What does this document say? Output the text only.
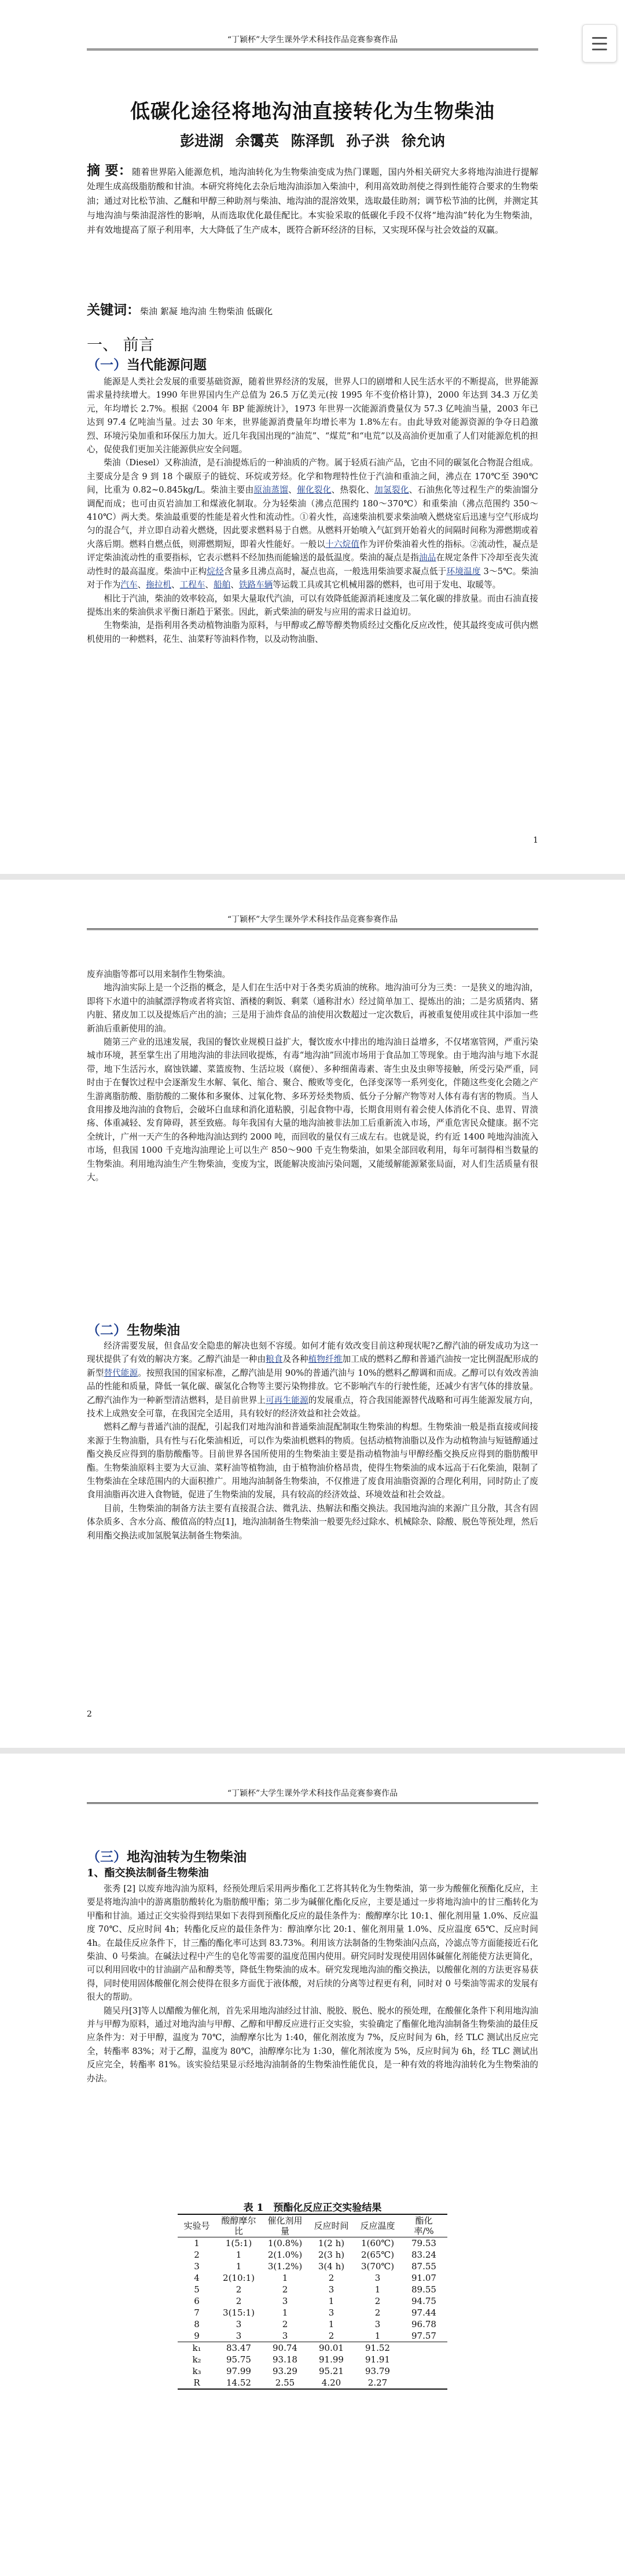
“丁颖杯”大学生课外学术科技作品竞赛参赛作品
低碳化途径将地沟油直接转化为生物柴油

彭进湖 余霭英 陈泽凯 孙子洪 徐允讷

摘 要：随着世界陷入能源危机，地沟油转化为生物柴油变成为热门课题，国内外相关研究大多将地沟油进行提解处理生成高级脂肪酸和甘油。本研究将纯化去杂后地沟油添加入柴油中，利用高效助剂使之得到性能符合要求的生物柴油；通过对比松节油、乙醚和甲醇三种助剂与柴油、地沟油的混溶效果，选取最佳助剂；调节松节油的比例，并测定其与地沟油与柴油混溶性的影响，从而选取优化最佳配比。本实验采取的低碳化手段不仅将“地沟油”转化为生物柴油，并有效地提高了原子利用率，大大降低了生产成本，既符合新环经济的目标，又实现环保与社会效益的双赢。
关键词：柴油 絮凝 地沟油 生物柴油 低碳化
一、 前言
（一）当代能源问题

能源是人类社会发展的重要基础资源，随着世界经济的发展，世界人口的剧增和人民生活水平的不断提高，世界能源需求量持续增大。1990 年世界国内生产总值为 26.5 万亿美元(按 1995 年不变价格计算)，2000 年达到 34.3 万亿美元，年均增长 2.7%。根据《2004 年 BP 能源统计》，1973 年世界一次能源消费量仅为 57.3 亿吨油当量，2003 年已达到 97.4 亿吨油当量。过去 30 年来，世界能源消费量年均增长率为 1.8%左右。由此导致对能源资源的争夺日趋激烈、环境污染加重和环保压力加大。近几年我国出现的“油荒”、“煤荒”和“电荒”以及高油价更加重了人们对能源危机的担心，促使我们更加关注能源供应安全问题。

柴油（Diesel）又称油渣，是石油提炼后的一种油质的产物。属于轻质石油产品，它由不同的碳氢化合物混合组成。主要成分是含 9 到 18 个碳原子的链烷、环烷或芳烃。化学和物理特性位于汽油和重油之间，沸点在 170℃至 390℃间，比重为 0.82~0.845kg/L。柴油主要由原油蒸馏、催化裂化、热裂化、加氢裂化、石油焦化等过程生产的柴油馏分调配而成；也可由页岩油加工和煤液化制取。分为轻柴油（沸点范围约 180～370℃）和重柴油（沸点范围约 350～410℃）两大类。柴油最重要的性能是着火性和流动性。①着火性，高速柴油机要求柴油喷入燃烧室后迅速与空气形成均匀的混合气，并立即自动着火燃烧，因此要求燃料易于自燃。从燃料开始喷入气缸到开始着火的间隔时间称为滞燃期或着火落后期。燃料自燃点低，则滞燃期短，即着火性能好。一般以十六烷值作为评价柴油着火性的指标。②流动性，凝点是评定柴油流动性的重要指标，它表示燃料不经加热而能输送的最低温度。柴油的凝点是指油品在规定条件下冷却至丧失流动性时的最高温度。柴油中正构烷烃含量多且沸点高时，凝点也高，一般选用柴油要求凝点低于环境温度 3～5℃。柴油对于作为汽车、拖拉机、工程车、船舶、铁路车辆等运载工具或其它机械用器的燃料，也可用于发电、取暖等。

相比于汽油，柴油的效率较高，如果大量取代汽油，可以有效降低能源消耗速度及二氧化碳的排放量。而由石油直接提炼出来的柴油供求平衡日渐趋于紧张。因此，新式柴油的研发与应用的需求日益迫切。

生物柴油，是指利用各类动植物油脂为原料，与甲醇或乙醇等醇类物质经过交酯化反应改性，使其最终变成可供内燃机使用的一种燃料，花生、油菜籽等油料作物，以及动物油脂、

1
“丁颖杯”大学生课外学术科技作品竞赛参赛作品

废弃油脂等都可以用来制作生物柴油。

地沟油实际上是一个泛指的概念，是人们在生活中对于各类劣质油的统称。地沟油可分为三类：一是狭义的地沟油，即将下水道中的油腻漂浮物或者将宾馆、酒楼的剩饭、剩菜（通称泔水）经过简单加工、提炼出的油；二是劣质猪肉、猪内脏、猪皮加工以及提炼后产出的油；三是用于油炸食品的油使用次数超过一定次数后，再被重复使用或往其中添加一些新油后重新使用的油。

随第三产业的迅速发展，我国的餐饮业规模日益扩大，餐饮废水中排出的地沟油日益增多，不仅堵塞管网，严重污染城市环境，甚至掌生出了用地沟油的非法回收提炼，有毒“地沟油”回流市场用于食品加工等现象。由于地沟油与地下水混带，地下生活污水，腐蚀铁罐、菜篮废物、生活垃圾（腐便）、多种细菌毒素、寄生虫及虫卵等接触，所受污染严重，同时由于在餐饮过程中会逐渐发生水解、氧化、缩合、聚合、酸败等变化，色泽变深等一系列变化，伴随这些变化会随之产生游离脂肪酸、脂肪酸的二聚体和多聚体、过氧化物、多环芳烃类物质、低分子分解产物等对人体有毒有害的物质。当人食用掺及地沟油的食物后，会破坏白血球和消化道粘膜，引起食物中毒，长期食用则有着会使人体消化不良、患胃、胃溃疡、体重减轻、发育障碍，甚至致癌。每年我国有大量的地沟油被非法加工后重新流入市场，严重危害民众健康。据不完全统计，广州一天产生的各种地沟油达到约 2000 吨，而回收的量仅有三成左右。也就是说，约有近 1400 吨地沟油流入市场，但我国 1000 千克地沟油理论上可以生产 850～900 千克生物柴油，如果全部回收利用，每年可制得相当数量的生物柴油。利用地沟油生产生物柴油，变废为宝，既能解决废油污染问题，又能缓解能源紧张局面，对人们生活质量有很大。

（二）生物柴油

经济需要发展，但食品安全隐患的解决也刻不容缓。如何才能有效改变目前这种现状呢?乙醇汽油的研发成功为这一现状提供了有效的解决方案。乙醇汽油是一种由粮食及各种植物纤维加工成的燃料乙醇和普通汽油按一定比例混配形成的新型替代能源。按照我国的国家标准，乙醇汽油是用 90%的普通汽油与 10%的燃料乙醇调和而成。乙醇可以有效改善油品的性能和质量，降低一氧化碳、碳氢化合物等主要污染物排放。它不影响汽车的行驶性能，还减少有害气体的排放量。乙醇汽油作为一种新型清洁燃料，是目前世界上可再生能源的发展重点，符合我国能源替代战略和可再生能源发展方向，技术上成熟安全可靠，在我国完全适用，具有较好的经济效益和社会效益。

燃料乙醇与普通汽油的混配，引起我们对地沟油和普通柴油混配制取生物柴油的构想。生物柴油一般是指直接或间接来源于生物油脂，具有性与石化柴油相近，可以作为柴油机燃料的物质。包括动植物油脂以及作为动植物油与短链醇通过酯交换反应得到的脂肪酸酯等。目前世界各国所使用的生物柴油主要是指动植物油与甲醇经酯交换反应得到的脂肪酸甲酯。生物柴油原料主要为大豆油、菜籽油等植物油，由于植物油价格昂贵，使得生物柴油的成本远高于石化柴油，限制了生物柴油在全球范围内的大面积推广。用地沟油制备生物柴油，不仅推进了废食用油脂资源的合理化利用，同时防止了废食用油脂再次进入食物链，促进了生物柴油的发展，具有较高的经济效益、环境效益和社会效益。

目前，生物柴油的制备方法主要有直接混合法、微乳法、热解法和酯交换法。我国地沟油的来源广且分散，其含有固体杂质多、含水分高、酸值高的特点[1]，地沟油制备生物柴油一般要先经过除水、机械除杂、除酸、脱色等预处理，然后利用酯交换法或加氢脱氧法制备生物柴油。

2
“丁颖杯”大学生课外学术科技作品竞赛参赛作品
（三）地沟油转为生物柴油
1、酯交换法制备生物柴油

张秀 [2] 以废弃地沟油为原料，经预处理后采用两步酯化工艺将其转化为生物柴油，第一步为酸催化预酯化反应，主要是将地沟油中的游离脂肪酸转化为脂肪酸甲酯；第二步为碱催化酯化反应，主要是通过一步将地沟油中的甘三酯转化为甲酯和甘油。通过正交实验得到结果如下表得到预酯化反应的最佳条件为：酸醇摩尔比 10:1、催化剂用量 1.0%、反应温度 70℃、反应时间 4h；转酯化反应的最佳条件为：醇油摩尔比 20:1、催化剂用量 1.0%、反应温度 65℃、反应时间 4h。在最佳反应条件下，甘三酯的酯化率可达到 83.73%。利用该方法制备的生物柴油闪点高，冷滤点等方面能接近石化柴油、0 号柴油。在碱法过程中产生的皂化等需要的温度范围内使用。研究同时发现使用固体碱催化剂能使方法更简化，可以利用回收中的甘油副产品和醇类等，降低生物柴油的成本。研究发现地沟油的酯交换法，以酸催化剂的方法更容易获得，同时使用固体酸催化剂会使得在很多方面优于液体酸，对后续的分离等过程更有利，同时对 0 号柴油等需求的发展有很大的帮助。

随吴丹[3]等人以醋酸为催化剂，首先采用地沟油经过甘油、脱胶、脱色、脱水的预处理，在酸催化条件下利用地沟油并与甲醇为原料，通过对地沟油与甲醇、乙醇和甲醇反应进行正交实验，实验确定了酯催化地沟油制备生物柴油的最佳反应条件为：对于甲醇，温度为 70℃，油醇摩尔比为 1:40，催化剂浓度为 7%，反应时间为 6h，经 TLC 测试出反应完全，转酯率 83%；对于乙醇，温度为 80℃，油醇摩尔比为 1:30，催化剂浓度为 5%，反应时间为 6h，经 TLC 测试出反应完全，转酯率 81%。该实验结果显示经地沟油制备的生物柴油性能优良，是一种有效的将地沟油转化为生物柴油的办法。

表 1　预酯化反应正交实验结果

实验号	酸醇摩尔比	催化剂用量	反应时间	反应温度	酯化率/%
1	1(5:1)	1(0.8%)	1(2 h)	1(60℃)	79.53
2	1	2(1.0%)	2(3 h)	2(65℃)	83.24
3	1	3(1.2%)	3(4 h)	3(70℃)	87.55
4	2(10:1)	1	2	3	91.07
5	2	2	3	1	89.55
6	2	3	1	2	94.75
7	3(15:1)	1	3	2	97.44
8	3	2	1	3	96.78
9	3	3	2	1	97.57
k₁	83.47	90.74	90.01	91.52	
k₂	95.75	93.18	91.99	91.91	
k₃	97.99	93.29	95.21	93.79	
R	14.52	2.55	4.20	2.27	
